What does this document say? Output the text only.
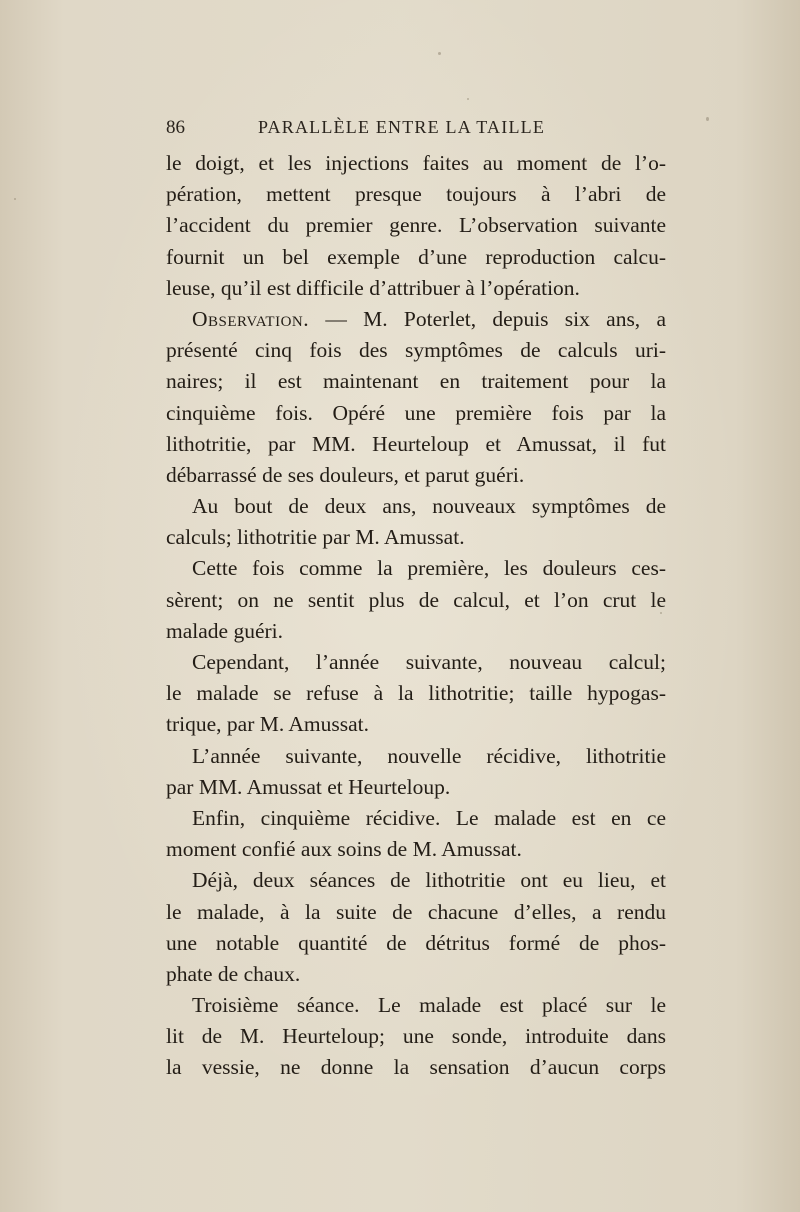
86	PARALLÈLE ENTRE LA TAILLE
le doigt, et les injections faites au moment de l’o-
pération, mettent presque toujours à l’abri de
l’accident du premier genre. L’observation suivante
fournit un bel exemple d’une reproduction calcu-
leuse, qu’il est difficile d’attribuer à l’opération.
Observation. — M. Poterlet, depuis six ans, a
présenté cinq fois des symptômes de calculs uri-
naires; il est maintenant en traitement pour la
cinquième fois. Opéré une première fois par la
lithotritie, par MM. Heurteloup et Amussat, il fut
débarrassé de ses douleurs, et parut guéri.
Au bout de deux ans, nouveaux symptômes de
calculs; lithotritie par M. Amussat.
Cette fois comme la première, les douleurs ces-
sèrent; on ne sentit plus de calcul, et l’on crut le
malade guéri.
Cependant, l’année suivante, nouveau calcul;
le malade se refuse à la lithotritie; taille hypogas-
trique, par M. Amussat.
L’année suivante, nouvelle récidive, lithotritie
par MM. Amussat et Heurteloup.
Enfin, cinquième récidive. Le malade est en ce
moment confié aux soins de M. Amussat.
Déjà, deux séances de lithotritie ont eu lieu, et
le malade, à la suite de chacune d’elles, a rendu
une notable quantité de détritus formé de phos-
phate de chaux.
Troisième séance. Le malade est placé sur le
lit de M. Heurteloup; une sonde, introduite dans
la vessie, ne donne la sensation d’aucun corps
